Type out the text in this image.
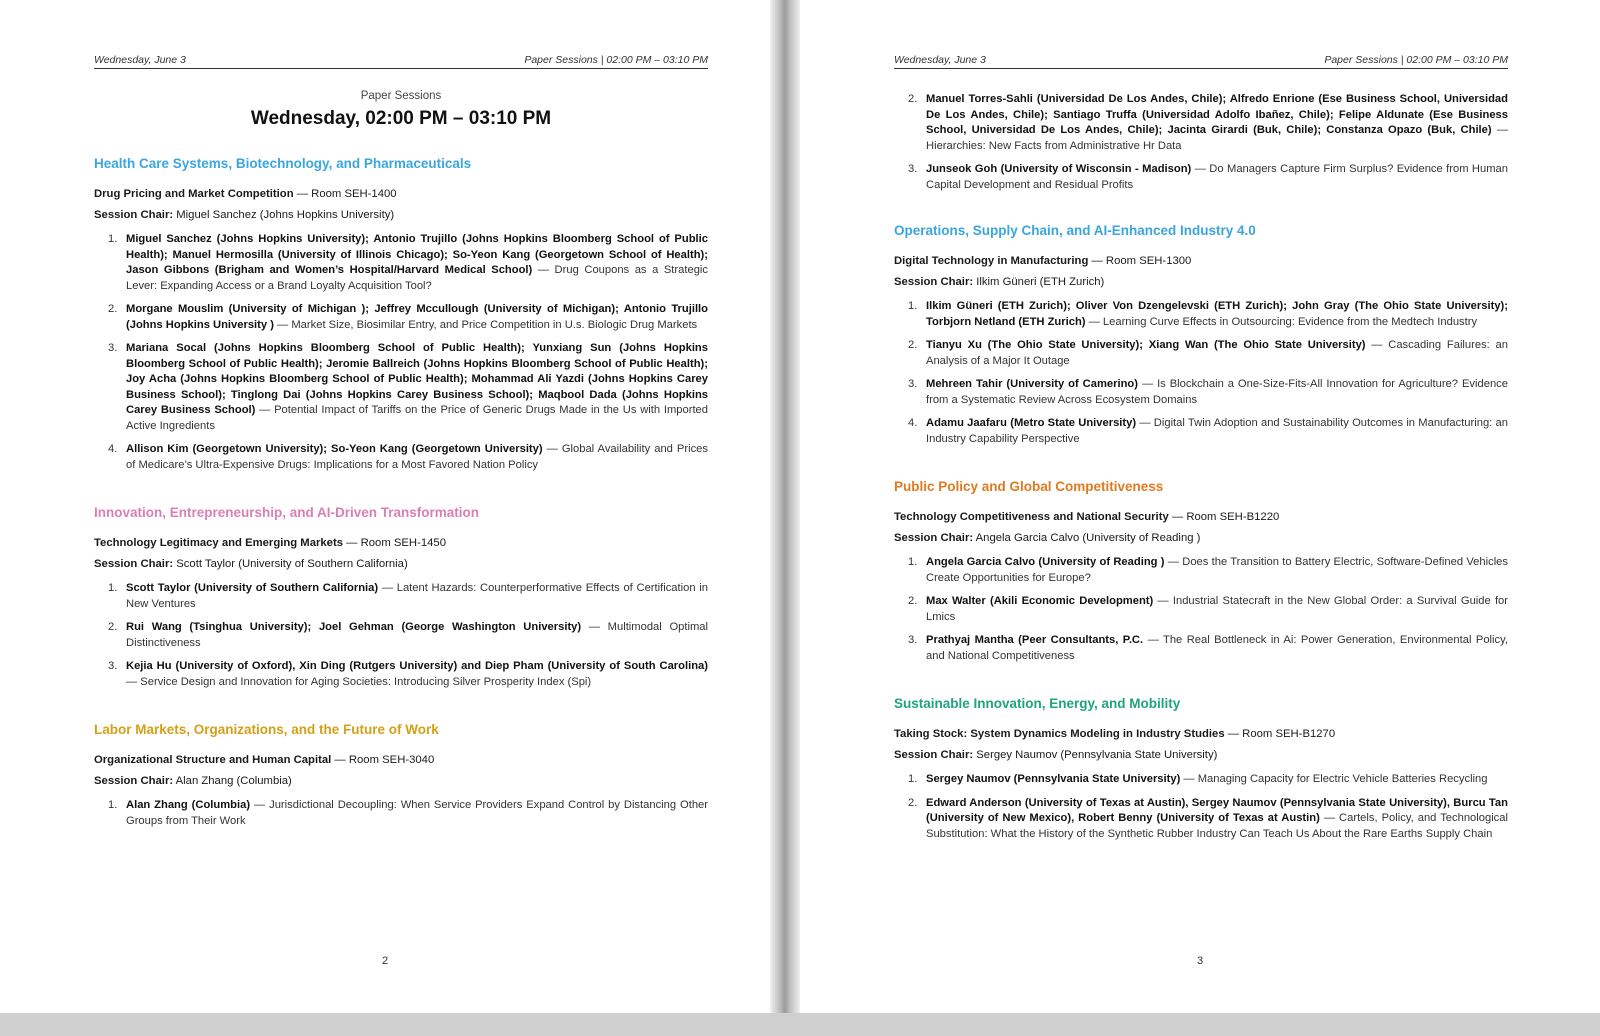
Wednesday, June 3	Paper Sessions | 02:00 PM – 03:10 PM
Paper Sessions
Wednesday, 02:00 PM – 03:10 PM
Health Care Systems, Biotechnology, and Pharmaceuticals
Drug Pricing and Market Competition — Room SEH-1400
Session Chair: Miguel Sanchez (Johns Hopkins University)
1. Miguel Sanchez (Johns Hopkins University); Antonio Trujillo (Johns Hopkins Bloomberg School of Public Health); Manuel Hermosilla (University of Illinois Chicago); So-Yeon Kang (Georgetown School of Health); Jason Gibbons (Brigham and Women’s Hospital/Harvard Medical School) — Drug Coupons as a Strategic Lever: Expanding Access or a Brand Loyalty Acquisition Tool?
2. Morgane Mouslim (University of Michigan ); Jeffrey Mccullough (University of Michigan); Antonio Trujillo (Johns Hopkins University ) — Market Size, Biosimilar Entry, and Price Competition in U.s. Biologic Drug Markets
3. Mariana Socal (Johns Hopkins Bloomberg School of Public Health); Yunxiang Sun (Johns Hopkins Bloomberg School of Public Health); Jeromie Ballreich (Johns Hopkins Bloomberg School of Public Health); Joy Acha (Johns Hopkins Bloomberg School of Public Health); Mohammad Ali Yazdi (Johns Hopkins Carey Business School); Tinglong Dai (Johns Hopkins Carey Business School); Maqbool Dada (Johns Hopkins Carey Business School) — Potential Impact of Tariffs on the Price of Generic Drugs Made in the Us with Imported Active Ingredients
4. Allison Kim (Georgetown University); So-Yeon Kang (Georgetown University) — Global Availability and Prices of Medicare’s Ultra-Expensive Drugs: Implications for a Most Favored Nation Policy
Innovation, Entrepreneurship, and AI-Driven Transformation
Technology Legitimacy and Emerging Markets — Room SEH-1450
Session Chair: Scott Taylor (University of Southern California)
1. Scott Taylor (University of Southern California) — Latent Hazards: Counterperformative Effects of Certification in New Ventures
2. Rui Wang (Tsinghua University); Joel Gehman (George Washington University) — Multimodal Optimal Distinctiveness
3. Kejia Hu (University of Oxford), Xin Ding (Rutgers University) and Diep Pham (University of South Carolina) — Service Design and Innovation for Aging Societies: Introducing Silver Prosperity Index (Spi)
Labor Markets, Organizations, and the Future of Work
Organizational Structure and Human Capital — Room SEH-3040
Session Chair: Alan Zhang (Columbia)
1. Alan Zhang (Columbia) — Jurisdictional Decoupling: When Service Providers Expand Control by Distancing Other Groups from Their Work
2
Wednesday, June 3	Paper Sessions | 02:00 PM – 03:10 PM
2. Manuel Torres-Sahli (Universidad De Los Andes, Chile); Alfredo Enrione (Ese Business School, Universidad De Los Andes, Chile); Santiago Truffa (Universidad Adolfo Ibañez, Chile); Felipe Aldunate (Ese Business School, Universidad De Los Andes, Chile); Jacinta Girardi (Buk, Chile); Constanza Opazo (Buk, Chile) — Hierarchies: New Facts from Administrative Hr Data
3. Junseok Goh (University of Wisconsin - Madison) — Do Managers Capture Firm Surplus? Evidence from Human Capital Development and Residual Profits
Operations, Supply Chain, and AI-Enhanced Industry 4.0
Digital Technology in Manufacturing — Room SEH-1300
Session Chair: Ilkim Güneri (ETH Zurich)
1. Ilkim Güneri (ETH Zurich); Oliver Von Dzengelevski (ETH Zurich); John Gray (The Ohio State University); Torbjorn Netland (ETH Zurich) — Learning Curve Effects in Outsourcing: Evidence from the Medtech Industry
2. Tianyu Xu (The Ohio State University); Xiang Wan (The Ohio State University) — Cascading Failures: an Analysis of a Major It Outage
3. Mehreen Tahir (University of Camerino) — Is Blockchain a One-Size-Fits-All Innovation for Agriculture? Evidence from a Systematic Review Across Ecosystem Domains
4. Adamu Jaafaru (Metro State University) — Digital Twin Adoption and Sustainability Outcomes in Manufacturing: an Industry Capability Perspective
Public Policy and Global Competitiveness
Technology Competitiveness and National Security — Room SEH-B1220
Session Chair: Angela Garcia Calvo (University of Reading )
1. Angela Garcia Calvo (University of Reading ) — Does the Transition to Battery Electric, Software-Defined Vehicles Create Opportunities for Europe?
2. Max Walter (Akili Economic Development) — Industrial Statecraft in the New Global Order: a Survival Guide for Lmics
3. Prathyaj Mantha (Peer Consultants, P.C. — The Real Bottleneck in Ai: Power Generation, Environmental Policy, and National Competitiveness
Sustainable Innovation, Energy, and Mobility
Taking Stock: System Dynamics Modeling in Industry Studies — Room SEH-B1270
Session Chair: Sergey Naumov (Pennsylvania State University)
1. Sergey Naumov (Pennsylvania State University) — Managing Capacity for Electric Vehicle Batteries Recycling
2. Edward Anderson (University of Texas at Austin), Sergey Naumov (Pennsylvania State University), Burcu Tan (University of New Mexico), Robert Benny (University of Texas at Austin) — Cartels, Policy, and Technological Substitution: What the History of the Synthetic Rubber Industry Can Teach Us About the Rare Earths Supply Chain
3
